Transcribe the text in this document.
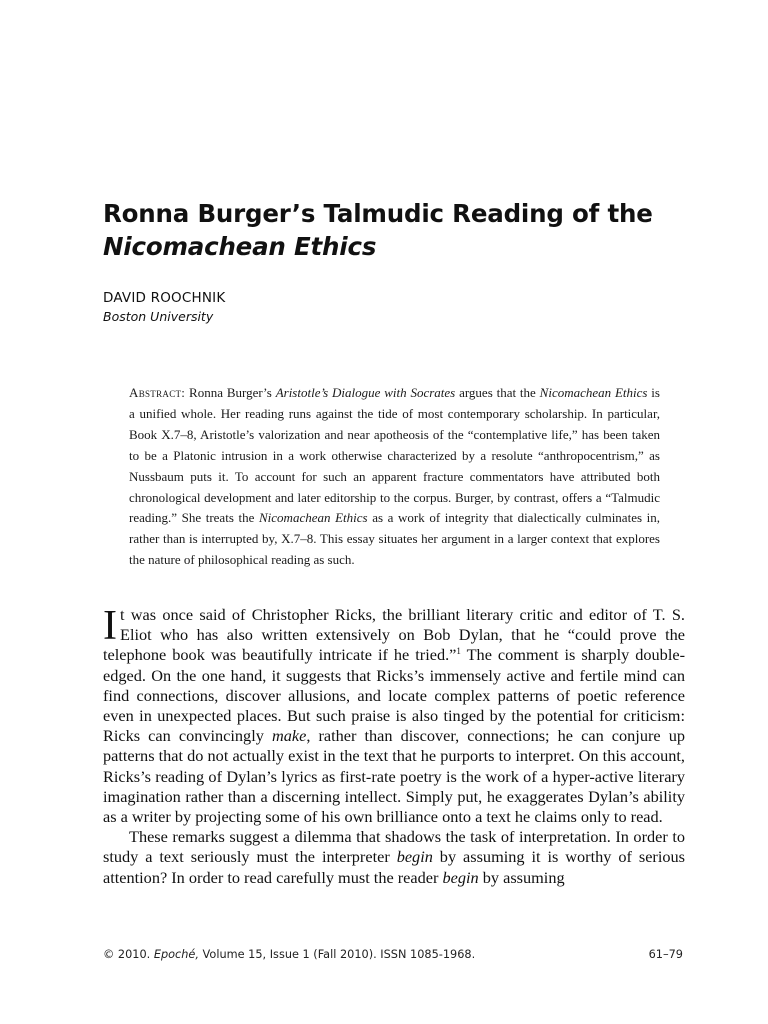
Ronna Burger’s Talmudic Reading of the
Nicomachean Ethics
DAVID ROOCHNIK
Boston University
Abstract: Ronna Burger’s Aristotle’s Dialogue with Socrates argues that the Nicomachean Ethics is a unified whole. Her reading runs against the tide of most contemporary scholarship. In particular, Book X.7–8, Aristotle’s valorization and near apotheosis of the “contemplative life,” has been taken to be a Platonic intrusion in a work otherwise characterized by a resolute “anthropocentrism,” as Nussbaum puts it. To account for such an apparent fracture commentators have attributed both chronological development and later editorship to the corpus. Burger, by contrast, offers a “Talmudic reading.” She treats the Nicomachean Ethics as a work of integrity that dialectically culminates in, rather than is interrupted by, X.7–8. This essay situates her argument in a larger context that explores the nature of philosophical reading as such.

It was once said of Christopher Ricks, the brilliant literary critic and editor of T. S. Eliot who has also written extensively on Bob Dylan, that he “could prove the telephone book was beautifully intricate if he tried.”$^1$ The comment is sharply double-edged. On the one hand, it suggests that Ricks’s immensely active and fertile mind can find connections, discover allusions, and locate complex patterns of poetic reference even in unexpected places. But such praise is also tinged by the potential for criticism: Ricks can convincingly make, rather than discover, connections; he can conjure up patterns that do not actually exist in the text that he purports to interpret. On this account, Ricks’s reading of Dylan’s lyrics as first-rate poetry is the work of a hyper-active literary imagination rather than a discerning intellect. Simply put, he exaggerates Dylan’s ability as a writer by projecting some of his own brilliance onto a text he claims only to read.

These remarks suggest a dilemma that shadows the task of interpretation. In order to study a text seriously must the interpreter begin by assuming it is worthy of serious attention? In order to read carefully must the reader begin by assuming

© 2010. Epoché, Volume 15, Issue 1 (Fall 2010). ISSN 1085-1968.	61–79
